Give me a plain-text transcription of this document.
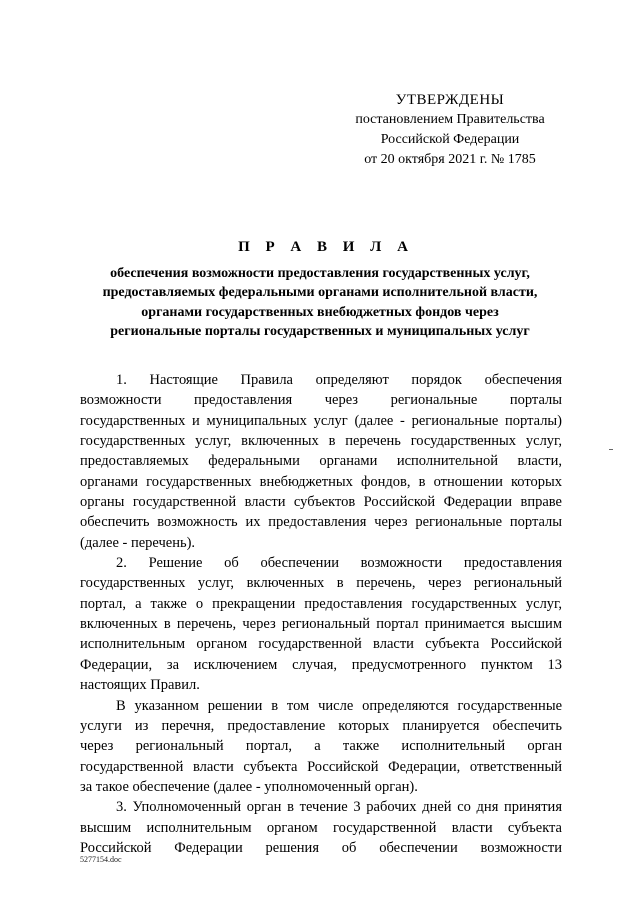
УТВЕРЖДЕНЫ
постановлением Правительства
Российской Федерации
от 20 октября 2021 г. № 1785
П Р А В И Л А
обеспечения возможности предоставления государственных услуг,
предоставляемых федеральными органами исполнительной власти,
органами государственных внебюджетных фондов через
региональные порталы государственных и муниципальных услуг
1. Настоящие Правила определяют порядок обеспечения
возможности предоставления через региональные порталы
государственных и муниципальных услуг (далее - региональные порталы)
государственных услуг, включенных в перечень государственных услуг,
предоставляемых федеральными органами исполнительной власти,
органами государственных внебюджетных фондов, в отношении которых
органы государственной власти субъектов Российской Федерации вправе
обеспечить возможность их предоставления через региональные порталы
(далее - перечень).
2. Решение об обеспечении возможности предоставления
государственных услуг, включенных в перечень, через региональный
портал, а также о прекращении предоставления государственных услуг,
включенных в перечень, через региональный портал принимается высшим
исполнительным органом государственной власти субъекта Российской
Федерации, за исключением случая, предусмотренного пунктом 13
настоящих Правил.
В указанном решении в том числе определяются государственные
услуги из перечня, предоставление которых планируется обеспечить
через региональный портал, а также исполнительный орган
государственной власти субъекта Российской Федерации, ответственный
за такое обеспечение (далее - уполномоченный орган).
3. Уполномоченный орган в течение 3 рабочих дней со дня принятия
высшим исполнительным органом государственной власти субъекта
Российской Федерации решения об обеспечении возможности
5277154.doc
